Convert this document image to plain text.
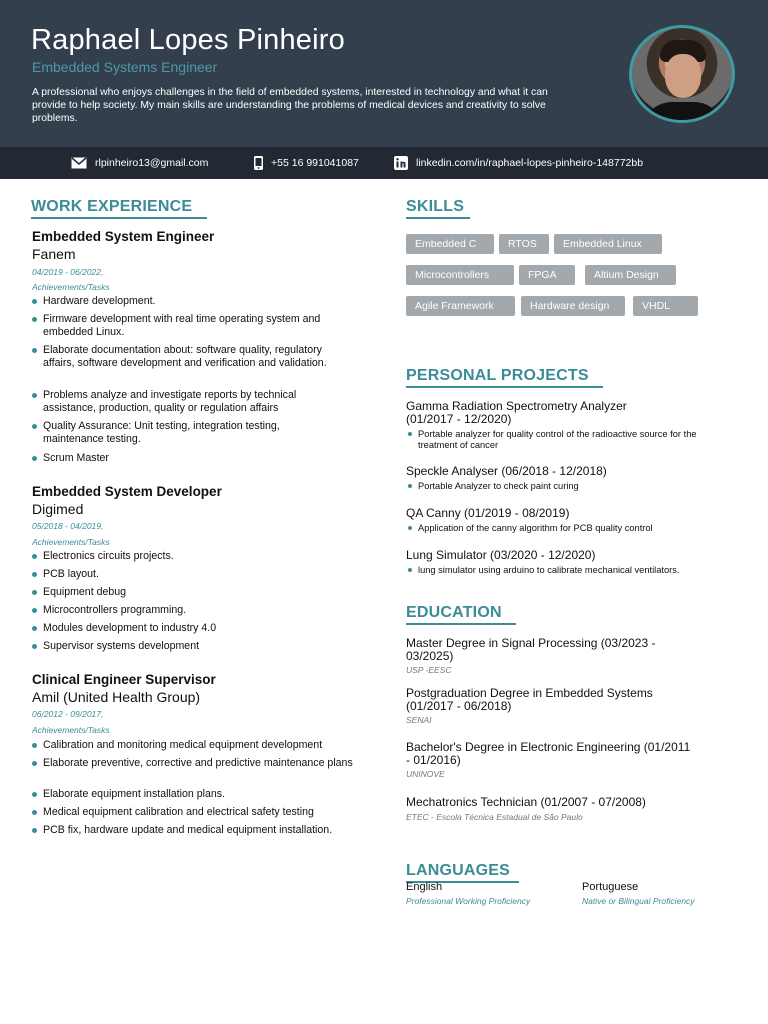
Raphael Lopes Pinheiro
Embedded Systems Engineer
A professional who enjoys challenges in the field of embedded systems, interested in technology and what it can provide to help society. My main skills are understanding the problems of medical devices and creativity to solve problems.
rlpinheiro13@gmail.com	+55 16 991041087	linkedin.com/in/raphael-lopes-pinheiro-148772bb
WORK EXPERIENCE
Embedded System Engineer
Fanem
04/2019 - 06/2022,
Achievements/Tasks
Hardware development.
Firmware development with real time operating system and embedded Linux.
Elaborate documentation about: software quality, regulatory affairs, software development and verification and validation.
Problems analyze and investigate reports by technical assistance, production, quality or regulation affairs
Quality Assurance: Unit testing, integration testing, maintenance testing.
Scrum Master
Embedded System Developer
Digimed
05/2018 - 04/2019,
Achievements/Tasks
Electronics circuits projects.
PCB layout.
Equipment debug
Microcontrollers programming.
Modules development to industry 4.0
Supervisor systems development
Clinical Engineer Supervisor
Amil (United Health Group)
06/2012 - 09/2017,
Achievements/Tasks
Calibration and monitoring medical equipment development
Elaborate preventive, corrective and predictive maintenance plans
Elaborate equipment installation plans.
Medical equipment calibration and electrical safety testing
PCB fix, hardware update and medical equipment installation.
SKILLS
Embedded C	RTOS	Embedded Linux
Microcontrollers	FPGA	Altium Design
Agile Framework	Hardware design	VHDL
PERSONAL PROJECTS
Gamma Radiation Spectrometry Analyzer (01/2017 - 12/2020)
Portable analyzer for quality control of the radioactive source for the treatment of cancer
Speckle Analyser (06/2018 - 12/2018)
Portable Analyzer to check paint curing
QA Canny (01/2019 - 08/2019)
Application of the canny algorithm for PCB quality control
Lung Simulator (03/2020 - 12/2020)
lung simulator using arduino to calibrate mechanical ventilators.
EDUCATION
Master Degree in Signal Processing (03/2023 - 03/2025)
USP -EESC
Postgraduation Degree in Embedded Systems (01/2017 - 06/2018)
SENAI
Bachelor's Degree in Electronic Engineering (01/2011 - 01/2016)
UNINOVE
Mechatronics Technician (01/2007 - 07/2008)
ETEC - Escola Técnica Estadual de São Paulo
LANGUAGES
English
Professional Working Proficiency
Portuguese
Native or Bilingual Proficiency
